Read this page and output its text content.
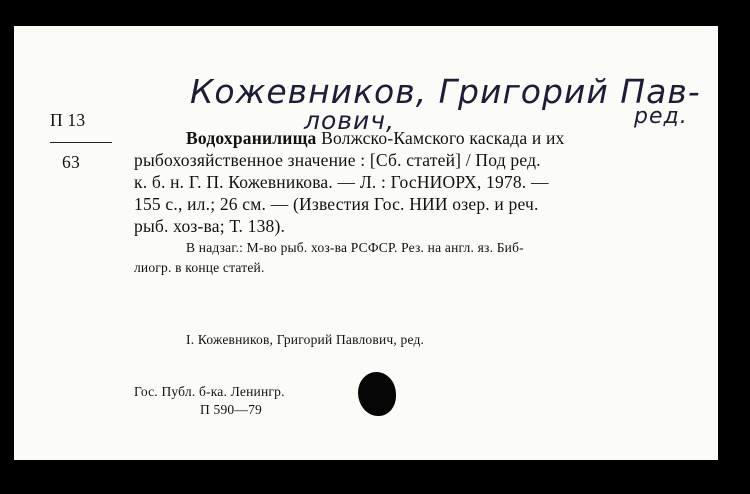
П 13
63
Кожевников, Григорий Пав-
лович,	ред.
Водохранилища Волжско-Камского каскада и их
рыбохозяйственное значение : [Сб. статей] / Под ред.
к. б. н. Г. П. Кожевникова. — Л. : ГосНИОРХ, 1978. —
155 с., ил.; 26 см. — (Известия Гос. НИИ озер. и реч.
рыб. хоз-ва; Т. 138).
В надзаг.: М-во рыб. хоз-ва РСФСР. Рез. на англ. яз. Биб-
лиогр. в конце статей.
I. Кожевников, Григорий Павлович, ред.
Гос. Публ. б-ка. Ленингр.
П 590—79
